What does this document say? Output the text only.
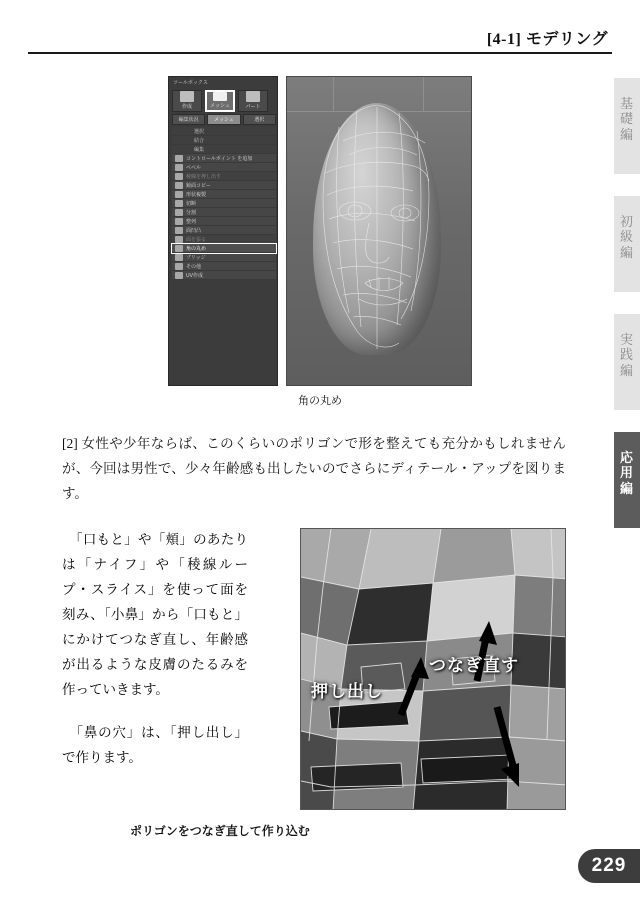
[4-1] モデリング
基礎編
初級編
実践編
応用編
229
ツールボックス
作成	メッシュ	パート
編集状況	メッシュ	選択
選択
結合
編集
コントロールポイント を追加
ベベル
稜線を押し出す
鏡面コピー
形状複製
切断
分割
整列
面凹凸
面を張る
角の丸め
ブリッジ
その他
UV作成
角の丸め
[2] 女性や少年ならば、このくらいのポリゴンで形を整えても充分かもしれませんが、今回は男性で、少々年齢感も出したいのでさらにディテール・アップを図ります。

　「口もと」や「頬」のあたりは「ナイフ」や「稜線ループ・スライス」を使って面を刻み、「小鼻」から「口もと」にかけてつなぎ直し、年齢感が出るような皮膚のたるみを作っていきます。

　「鼻の穴」は、「押し出し」で作ります。

押し出し
つなぎ直す
ポリゴンをつなぎ直して作り込む
